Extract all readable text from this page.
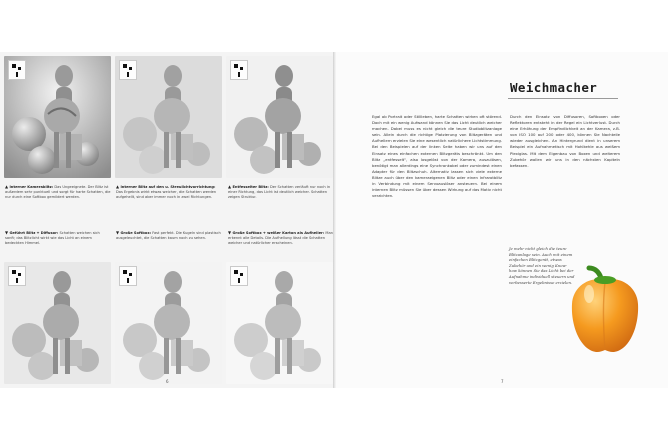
▲ Interner Kamerablitz: Das Ungeeignete. Der Blitz ist außerdem sehr punktuell und sorgt für harte Schatten, die nur durch eine Softbox gemildert werden.
▲ Interner Blitz auf den u. Streulichtvorrichtung: Das Ergebnis wirkt etwas weicher, die Schatten werden aufgehellt, sind aber immer noch in zwei Richtungen.
▲ Entfesselter Blitz: Der Schatten verläuft nur noch in einer Richtung, das Licht ist deutlich weicher. Schatten zeigen Struktur.
▼ Geführt Blitz + Diffusor: Schatten weichen sich sanft; das Blitzlicht wirkt wie das Licht an einem bedeckten Himmel.
▼ Große Softbox: Fast perfekt. Die Kugeln sind plastisch ausgeleuchtet, die Schatten kaum noch zu sehen.
▼ Große Softbox + weißer Karton als Aufheller: Man erkennt alle Details. Die Aufhellung lässt die Schatten weicher und natürlicher erscheinen.
6	7
Weichmacher

Egal ob Portrait oder Stillleben, harte Schatten wirken oft störend. Doch mit ein wenig Aufwand können Sie das Licht deutlich weicher machen. Dabei muss es nicht gleich die teure Studioblitzanlage sein. Allein durch die richtige Platzierung von Blitzgeräten und Aufhellern erzielen Sie eine wesentlich natürlichere Lichtstimmung. Bei den Beispielen auf der linken Seite haben wir uns auf den Einsatz eines einfachen externen Blitzgeräts beschränkt. Um den Blitz „entfesselt“, also losgelöst von der Kamera, auszulösen, benötigt man allerdings eine Synchronkabel oder zumindest einen Adapter für den Blitzschuh. Alternativ lassen sich viele externe Blitze auch über den kameraeigenen Blitz oder einen Infrarotblitz in Verbindung mit einem Servoauslöser ansteuern. Bei einem internen Blitz müssen Sie über dessen Wirkung auf das Motiv nicht verzichten.

Durch den Einsatz von Diffusoren, Softboxen oder Reflektoren entsteht in der Regel ein Lichtverlust. Durch eine Erhöhung der Empfindlichkeit an der Kamera, z.B. von ISO 100 auf 200 oder 400, können Sie Nachteile wieder ausgleichen. An Hintergrund dient in unserem Beispiel ein Aufnahmetisch mit Hohlkehle aus weißem Plexiglas. Mit dem Eigenbau von Boxen und weiterem Zubehör wollen wir uns in den nächsten Kapiteln befassen.

Je mehr nicht gleich die teure Blitzanlage sein. Auch mit einem einfachen Blitzgerät, etwas Zubehör und ein wenig Know-how können Sie das Licht bei der Aufnahme individuell steuern und verbesserte Ergebnisse erzielen.
